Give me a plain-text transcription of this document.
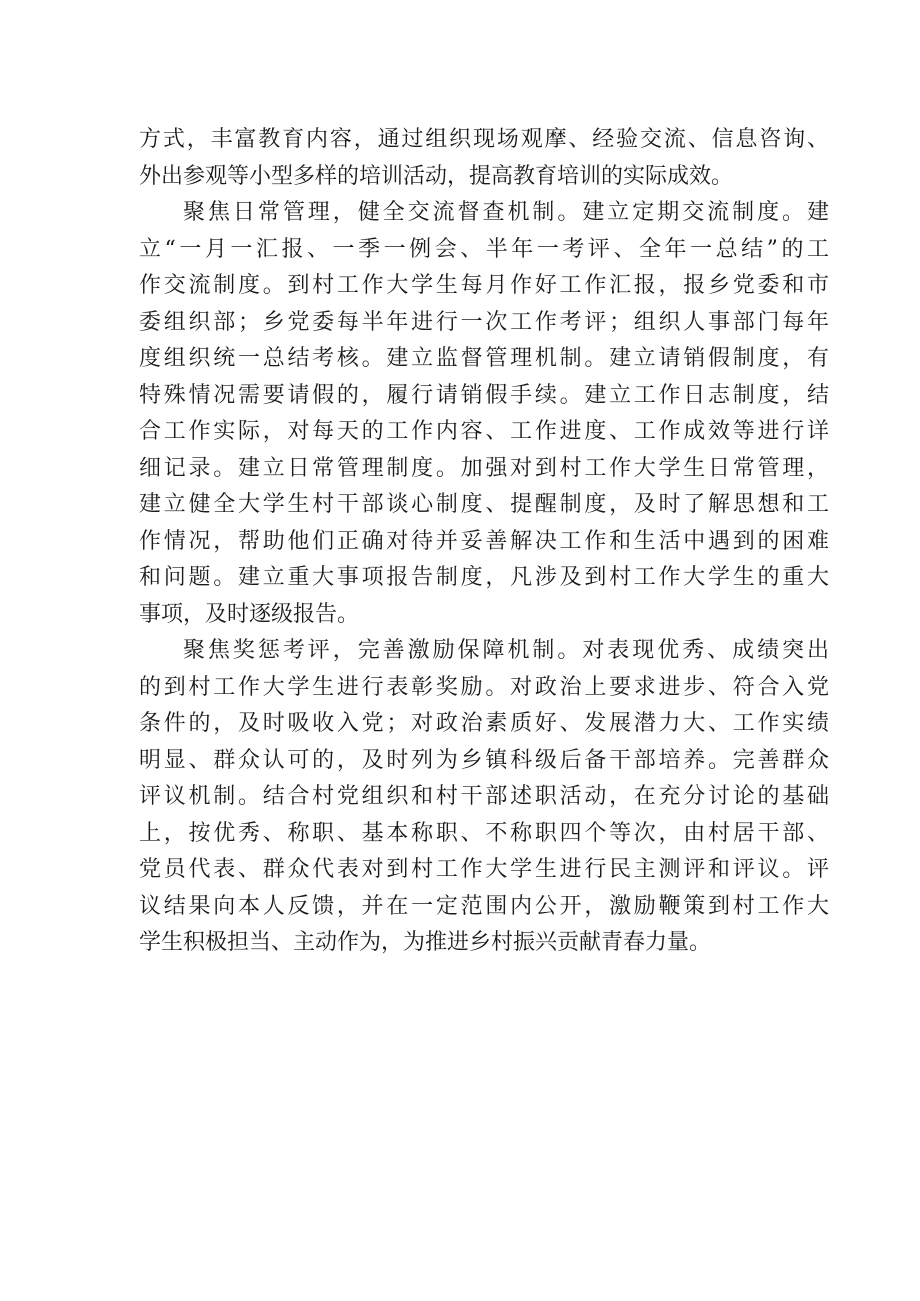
方式，丰富教育内容，通过组织现场观摩、经验交流、信息咨询、
外出参观等小型多样的培训活动，提高教育培训的实际成效。
聚焦日常管理，健全交流督查机制。建立定期交流制度。建
立“一月一汇报、一季一例会、半年一考评、全年一总结”的工
作交流制度。到村工作大学生每月作好工作汇报，报乡党委和市
委组织部；乡党委每半年进行一次工作考评；组织人事部门每年
度组织统一总结考核。建立监督管理机制。建立请销假制度，有
特殊情况需要请假的，履行请销假手续。建立工作日志制度，结
合工作实际，对每天的工作内容、工作进度、工作成效等进行详
细记录。建立日常管理制度。加强对到村工作大学生日常管理，
建立健全大学生村干部谈心制度、提醒制度，及时了解思想和工
作情况，帮助他们正确对待并妥善解决工作和生活中遇到的困难
和问题。建立重大事项报告制度，凡涉及到村工作大学生的重大
事项，及时逐级报告。
聚焦奖惩考评，完善激励保障机制。对表现优秀、成绩突出
的到村工作大学生进行表彰奖励。对政治上要求进步、符合入党
条件的，及时吸收入党；对政治素质好、发展潜力大、工作实绩
明显、群众认可的，及时列为乡镇科级后备干部培养。完善群众
评议机制。结合村党组织和村干部述职活动，在充分讨论的基础
上，按优秀、称职、基本称职、不称职四个等次，由村居干部、
党员代表、群众代表对到村工作大学生进行民主测评和评议。评
议结果向本人反馈，并在一定范围内公开，激励鞭策到村工作大
学生积极担当、主动作为，为推进乡村振兴贡献青春力量。
